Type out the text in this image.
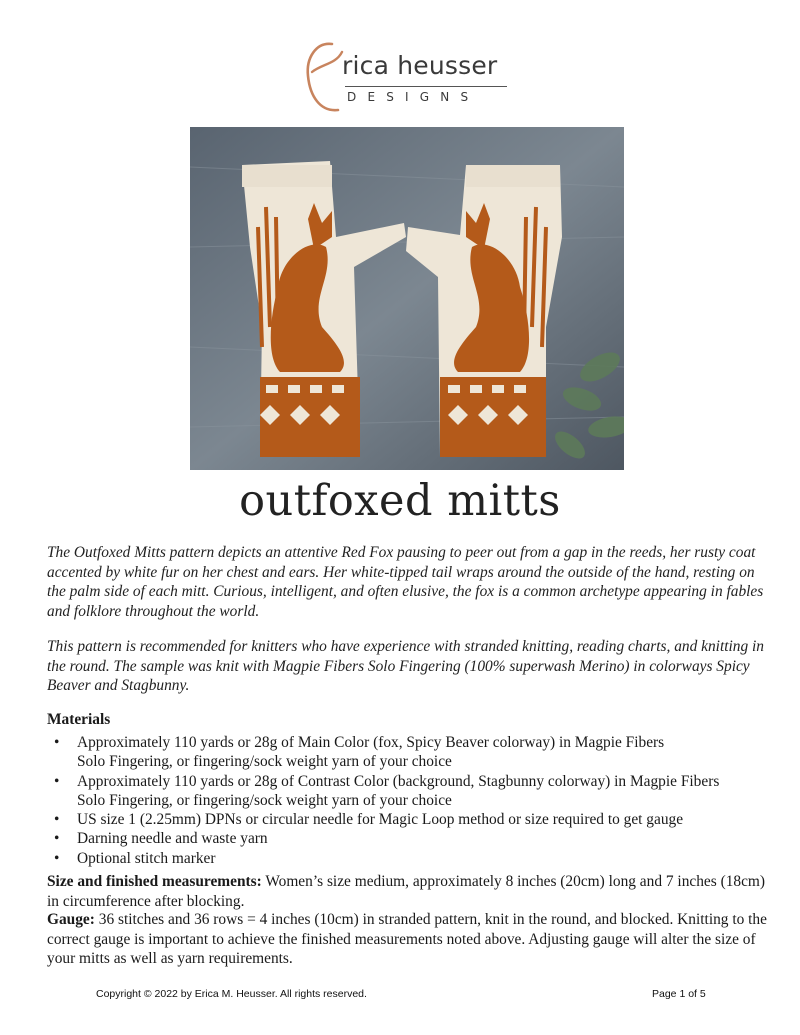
rica heusser
DESIGNS
outfoxed mitts

The Outfoxed Mitts pattern depicts an attentive Red Fox pausing to peer out from a gap in the reeds, her rusty coat accented by white fur on her chest and ears. Her white-tipped tail wraps around the outside of the hand, resting on the palm side of each mitt. Curious, intelligent, and often elusive, the fox is a common archetype appearing in fables and folklore throughout the world.

This pattern is recommended for knitters who have experience with stranded knitting, reading charts, and knitting in the round. The sample was knit with Magpie Fibers Solo Fingering (100% superwash Merino) in colorways Spicy Beaver and Stagbunny.

Materials
• Approximately 110 yards or 28g of Main Color (fox, Spicy Beaver colorway) in Magpie Fibers
Solo Fingering, or fingering/sock weight yarn of your choice
• Approximately 110 yards or 28g of Contrast Color (background, Stagbunny colorway) in Magpie Fibers
Solo Fingering, or fingering/sock weight yarn of your choice
• US size 1 (2.25mm) DPNs or circular needle for Magic Loop method or size required to get gauge
• Darning needle and waste yarn
• Optional stitch marker

Size and finished measurements: Women’s size medium, approximately 8 inches (20cm) long and 7 inches (18cm) in circumference after blocking.

Gauge: 36 stitches and 36 rows = 4 inches (10cm) in stranded pattern, knit in the round, and blocked. Knitting to the correct gauge is important to achieve the finished measurements noted above. Adjusting gauge will alter the size of your mitts as well as yarn requirements.

Copyright © 2022 by Erica M. Heusser. All rights reserved.	Page 1 of 5
